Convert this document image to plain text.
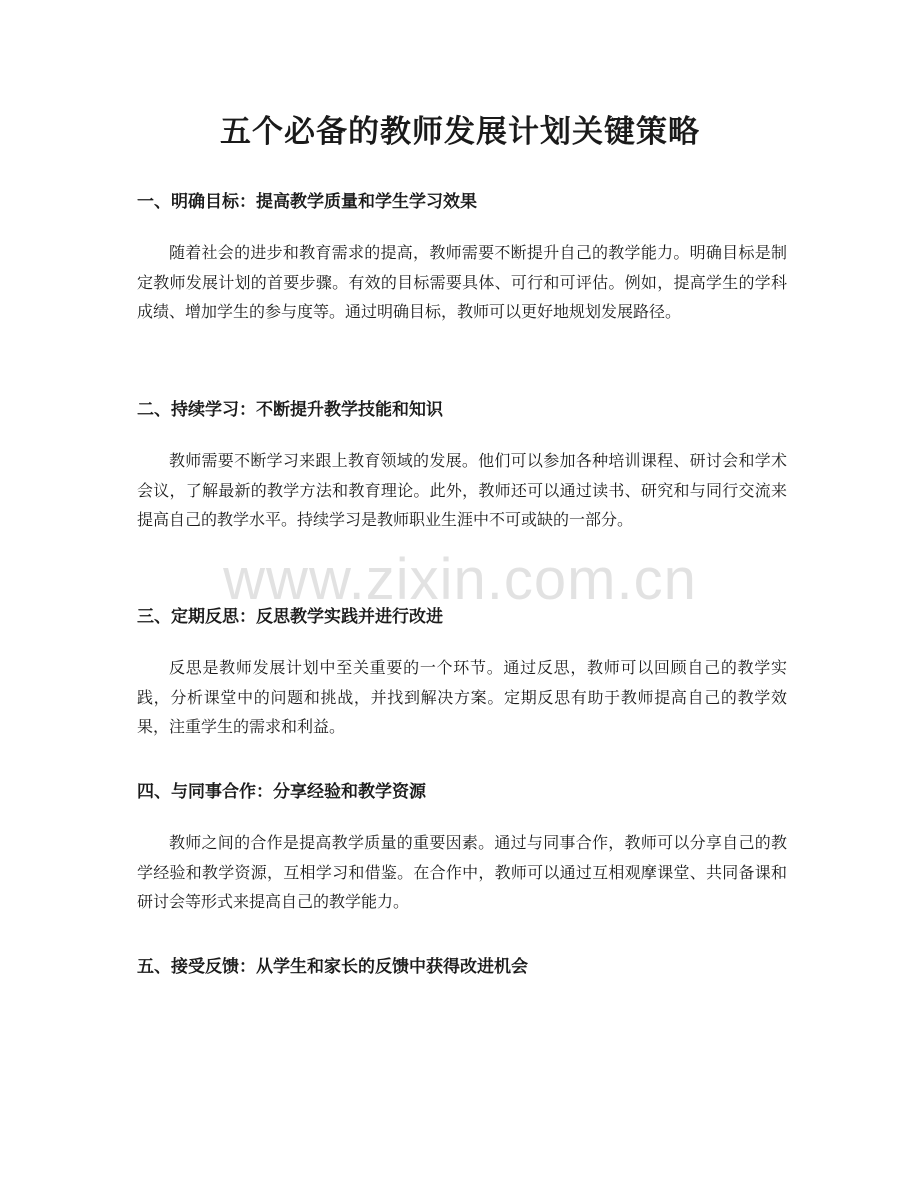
五个必备的教师发展计划关键策略
一、明确目标：提高教学质量和学生学习效果

随着社会的进步和教育需求的提高，教师需要不断提升自己的教学能力。明确目标是制定教师发展计划的首要步骤。有效的目标需要具体、可行和可评估。例如，提高学生的学科成绩、增加学生的参与度等。通过明确目标，教师可以更好地规划发展路径。

二、持续学习：不断提升教学技能和知识

教师需要不断学习来跟上教育领域的发展。他们可以参加各种培训课程、研讨会和学术会议，了解最新的教学方法和教育理论。此外，教师还可以通过读书、研究和与同行交流来提高自己的教学水平。持续学习是教师职业生涯中不可或缺的一部分。

三、定期反思：反思教学实践并进行改进

反思是教师发展计划中至关重要的一个环节。通过反思，教师可以回顾自己的教学实践，分析课堂中的问题和挑战，并找到解决方案。定期反思有助于教师提高自己的教学效果，注重学生的需求和利益。

四、与同事合作：分享经验和教学资源

教师之间的合作是提高教学质量的重要因素。通过与同事合作，教师可以分享自己的教学经验和教学资源，互相学习和借鉴。在合作中，教师可以通过互相观摩课堂、共同备课和研讨会等形式来提高自己的教学能力。

五、接受反馈：从学生和家长的反馈中获得改进机会
www.zixin.com.cn
